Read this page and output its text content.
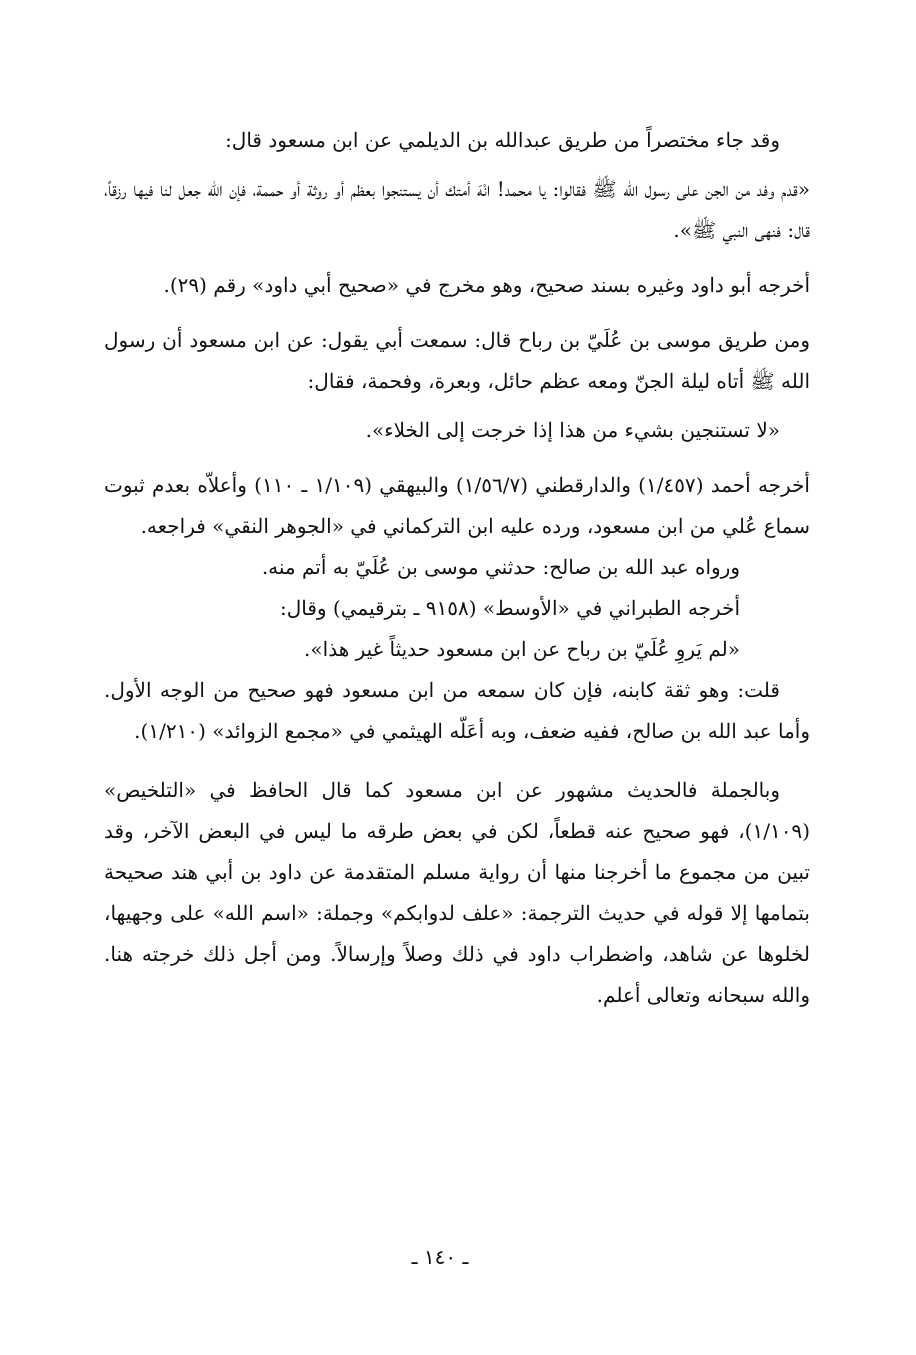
وقد جاء مختصراً من طريق عبدالله بن الديلمي عن ابن مسعود قال:

«قدم وفد من الجن على رسول الله ﷺ فقالوا: يا محمد! انْهَ أمتك أن يستنجوا بعظم أو روثة أو حممة، فإن الله جعل لنا فيها رزقاً، قال: فنهى النبي ﷺ».

أخرجه أبو داود وغيره بسند صحيح، وهو مخرج في «صحيح أبي داود» رقم (٢٩).

ومن طريق موسى بن عُلَيّ بن رباح قال: سمعت أبي يقول: عن ابن مسعود أن رسول الله ﷺ أتاه ليلة الجنّ ومعه عظم حائل، وبعرة، وفحمة، فقال:

«لا تستنجين بشيء من هذا إذا خرجت إلى الخلاء».

أخرجه أحمد (١/٤٥٧) والدارقطني (١/٥٦/٧) والبيهقي (١/١٠٩ ـ ١١٠) وأعلاّه بعدم ثبوت سماع عُلي من ابن مسعود، ورده عليه ابن التركماني في «الجوهر النقي» فراجعه.

ورواه عبد الله بن صالح: حدثني موسى بن عُلَيّ به أتم منه.

أخرجه الطبراني في «الأوسط» (٩١٥٨ ـ بترقيمي) وقال:

«لم يَروِ عُلَيّ بن رباح عن ابن مسعود حديثاً غير هذا».

قلت: وهو ثقة كابنه، فإن كان سمعه من ابن مسعود فهو صحيح من الوجه الأول. وأما عبد الله بن صالح، ففيه ضعف، وبه أعَلّه الهيثمي في «مجمع الزوائد» (١/٢١٠).

وبالجملة فالحديث مشهور عن ابن مسعود كما قال الحافظ في «التلخيص» (١/١٠٩)، فهو صحيح عنه قطعاً، لكن في بعض طرقه ما ليس في البعض الآخر، وقد تبين من مجموع ما أخرجنا منها أن رواية مسلم المتقدمة عن داود بن أبي هند صحيحة بتمامها إلا قوله في حديث الترجمة: «علف لدوابكم» وجملة: «اسم الله» على وجهيها، لخلوها عن شاهد، واضطراب داود في ذلك وصلاً وإرسالاً. ومن أجل ذلك خرجته هنا. والله سبحانه وتعالى أعلم.

ـ ١٤٠ ـ
